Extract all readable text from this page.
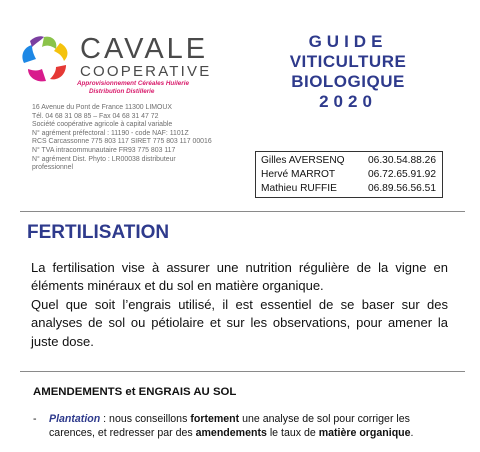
CAVALE
COOPERATIVE
Approvisionnement Céréales Huilerie
Distribution Distillerie
16 Avenue du Pont de France 11300 LIMOUX
Tél. 04 68 31 08 85 – Fax 04 68 31 47 72
Société coopérative agricole à capital variable
N° agrément préfectoral : 11190 - code NAF: 1101Z
RCS Carcassonne 775 803 117 SIRET 775 803 117 00016
N° TVA intracommunautaire FR93 775 803 117
N° agrément Dist. Phyto : LR00038 distributeur
professionnel
GUIDE
VITICULTURE
BIOLOGIQUE
2020
Gilles AVERSENQ 06.30.54.88.26
Hervé MARROT	06.72.65.91.92
Mathieu RUFFIE	06.89.56.56.51
FERTILISATION

La fertilisation vise à assurer une nutrition régulière de la vigne en éléments minéraux et du sol en matière organique.

Quel que soit l’engrais utilisé, il est essentiel de se baser sur des analyses de sol ou pétiolaire et sur les observations, pour amener la juste dose.

AMENDEMENTS et ENGRAIS AU SOL
- Plantation : nous conseillons fortement une analyse de sol pour corriger les
carences, et redresser par des amendements le taux de matière organique.
